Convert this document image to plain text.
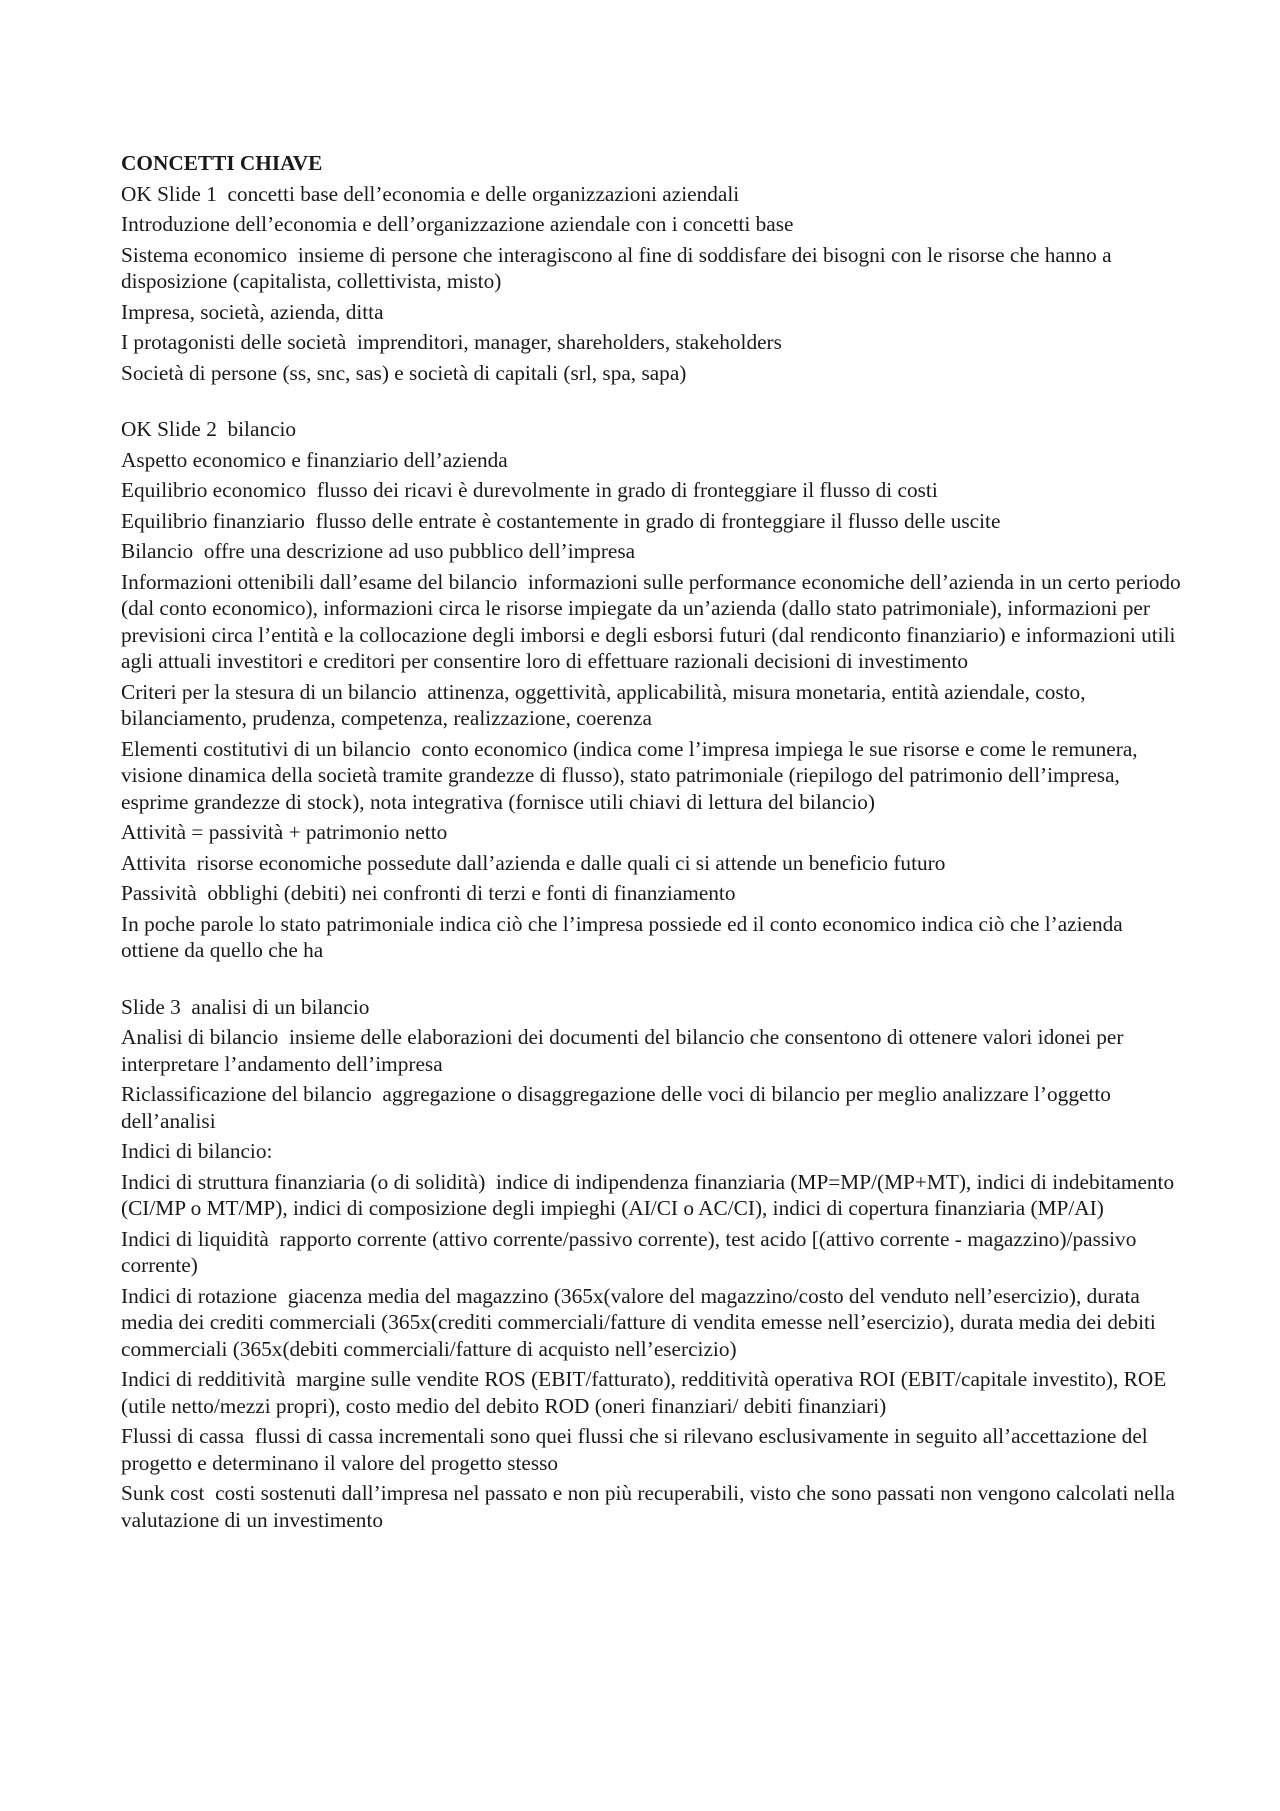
CONCETTI CHIAVE
OK Slide 1  concetti base dell’economia e delle organizzazioni aziendali
Introduzione dell’economia e dell’organizzazione aziendale con i concetti base
Sistema economico  insieme di persone che interagiscono al fine di soddisfare dei bisogni con le risorse che hanno a disposizione (capitalista, collettivista, misto)
Impresa, società, azienda, ditta
I protagonisti delle società  imprenditori, manager, shareholders, stakeholders
Società di persone (ss, snc, sas) e società di capitali (srl, spa, sapa)
OK Slide 2  bilancio
Aspetto economico e finanziario dell’azienda
Equilibrio economico  flusso dei ricavi è durevolmente in grado di fronteggiare il flusso di costi
Equilibrio finanziario  flusso delle entrate è costantemente in grado di fronteggiare il flusso delle uscite
Bilancio  offre una descrizione ad uso pubblico dell’impresa
Informazioni ottenibili dall’esame del bilancio  informazioni sulle performance economiche dell’azienda in un certo periodo (dal conto economico), informazioni circa le risorse impiegate da un’azienda (dallo stato patrimoniale), informazioni per previsioni circa l’entità e la collocazione degli imborsi e degli esborsi futuri (dal rendiconto finanziario) e informazioni utili agli attuali investitori e creditori per consentire loro di effettuare razionali decisioni di investimento
Criteri per la stesura di un bilancio  attinenza, oggettività, applicabilità, misura monetaria, entità aziendale, costo, bilanciamento, prudenza, competenza, realizzazione, coerenza
Elementi costitutivi di un bilancio  conto economico (indica come l’impresa impiega le sue risorse e come le remunera, visione dinamica della società tramite grandezze di flusso), stato patrimoniale (riepilogo del patrimonio dell’impresa, esprime grandezze di stock), nota integrativa (fornisce utili chiavi di lettura del bilancio)
Attività = passività + patrimonio netto
Attivita  risorse economiche possedute dall’azienda e dalle quali ci si attende un beneficio futuro
Passività  obblighi (debiti) nei confronti di terzi e fonti di finanziamento
In poche parole lo stato patrimoniale indica ciò che l’impresa possiede ed il conto economico indica ciò che l’azienda ottiene da quello che ha
Slide 3  analisi di un bilancio
Analisi di bilancio  insieme delle elaborazioni dei documenti del bilancio che consentono di ottenere valori idonei per interpretare l’andamento dell’impresa
Riclassificazione del bilancio  aggregazione o disaggregazione delle voci di bilancio per meglio analizzare l’oggetto dell’analisi
Indici di bilancio:
Indici di struttura finanziaria (o di solidità)  indice di indipendenza finanziaria (MP=MP/(MP+MT), indici di indebitamento (CI/MP o MT/MP), indici di composizione degli impieghi (AI/CI o AC/CI), indici di copertura finanziaria (MP/AI)
Indici di liquidità  rapporto corrente (attivo corrente/passivo corrente), test acido [(attivo corrente - magazzino)/passivo corrente)
Indici di rotazione  giacenza media del magazzino (365x(valore del magazzino/costo del venduto nell’esercizio), durata media dei crediti commerciali (365x(crediti commerciali/fatture di vendita emesse nell’esercizio), durata media dei debiti commerciali (365x(debiti commerciali/fatture di acquisto nell’esercizio)
Indici di redditività  margine sulle vendite ROS (EBIT/fatturato), redditività operativa ROI (EBIT/capitale investito), ROE (utile netto/mezzi propri), costo medio del debito ROD (oneri finanziari/ debiti finanziari)
Flussi di cassa  flussi di cassa incrementali sono quei flussi che si rilevano esclusivamente in seguito all’accettazione del progetto e determinano il valore del progetto stesso
Sunk cost  costi sostenuti dall’impresa nel passato e non più recuperabili, visto che sono passati non vengono calcolati nella valutazione di un investimento
